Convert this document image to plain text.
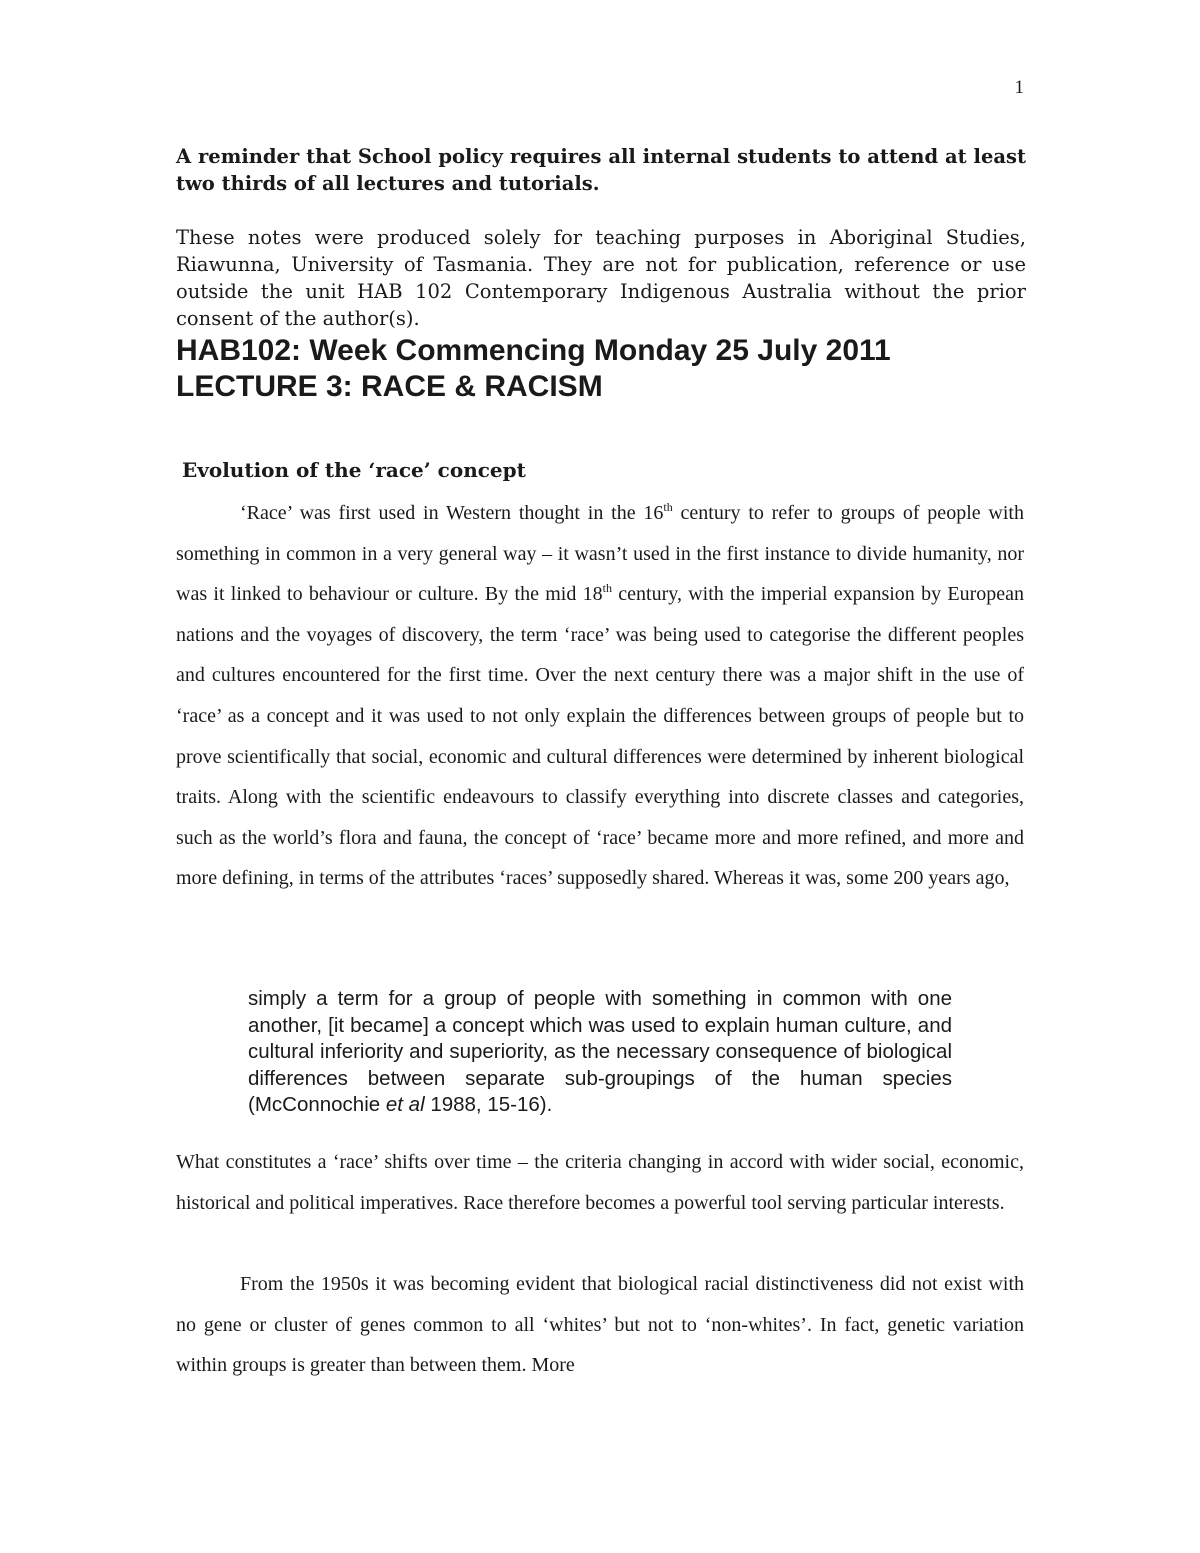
1
A reminder that School policy requires all internal students to attend at least two thirds of all lectures and tutorials.
These notes were produced solely for teaching purposes in Aboriginal Studies, Riawunna, University of Tasmania. They are not for publication, reference or use outside the unit HAB 102 Contemporary Indigenous Australia without the prior consent of the author(s).
HAB102: Week Commencing Monday 25 July 2011
LECTURE 3: RACE & RACISM
Evolution of the ‘race’ concept

‘Race’ was first used in Western thought in the 16th century to refer to groups of people with something in common in a very general way – it wasn’t used in the first instance to divide humanity, nor was it linked to behaviour or culture. By the mid 18th century, with the imperial expansion by European nations and the voyages of discovery, the term ‘race’ was being used to categorise the different peoples and cultures encountered for the first time. Over the next century there was a major shift in the use of ‘race’ as a concept and it was used to not only explain the differences between groups of people but to prove scientifically that social, economic and cultural differences were determined by inherent biological traits. Along with the scientific endeavours to classify everything into discrete classes and categories, such as the world’s flora and fauna, the concept of ‘race’ became more and more refined, and more and more defining, in terms of the attributes ‘races’ supposedly shared. Whereas it was, some 200 years ago,

simply a term for a group of people with something in common with one another, [it became] a concept which was used to explain human culture, and cultural inferiority and superiority, as the necessary consequence of biological differences between separate sub-groupings of the human species (McConnochie et al 1988, 15-16).

What constitutes a ‘race’ shifts over time – the criteria changing in accord with wider social, economic, historical and political imperatives. Race therefore becomes a powerful tool serving particular interests.

From the 1950s it was becoming evident that biological racial distinctiveness did not exist with no gene or cluster of genes common to all ‘whites’ but not to ‘non-whites’. In fact, genetic variation within groups is greater than between them. More
